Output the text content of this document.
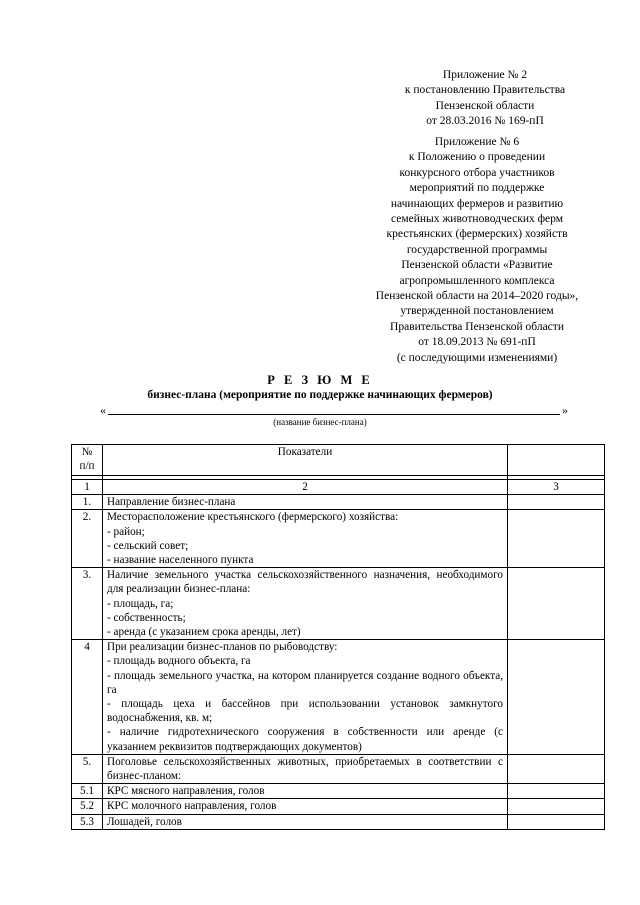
Приложение № 2
к постановлению Правительства
Пензенской области
от 28.03.2016 № 169-пП
Приложение № 6
к Положению о проведении
конкурсного отбора участников
мероприятий по поддержке
начинающих фермеров и развитию
семейных животноводческих ферм
крестьянских (фермерских) хозяйств
государственной программы
Пензенской области «Развитие
агропромышленного комплекса
Пензенской области на 2014–2020 годы»,
утвержденной постановлением
Правительства Пензенской области
от 18.09.2013 № 691-пП
(с последующими изменениями)
Р Е З Ю М Е
бизнес-плана (мероприятие по поддержке начинающих фермеров)
«	»
(название бизнес-плана)
№
п/п	Показатели	

1	2	3
1.	Направление бизнес-плана	

2.	Месторасположение крестьянского (фермерского) хозяйства:
- район;
- сельский совет;
- название населенного пункта	

3.	Наличие земельного участка сельскохозяйственного назначения, необходимого для реализации бизнес-плана:
- площадь, га;
- собственность;
- аренда (с указанием срока аренды, лет)	

4	При реализации бизнес-планов по рыбоводству:
- площадь водного объекта, га
- площадь земельного участка, на котором планируется создание водного объекта, га
- площадь цеха и бассейнов при использовании установок замкнутого водоснабжения, кв. м;
- наличие гидротехнического сооружения в собственности или аренде (с указанием реквизитов подтверждающих документов)	

5.	Поголовье сельскохозяйственных животных, приобретаемых в соответствии с бизнес-планом:	

5.1	КРС мясного направления, голов	

5.2	КРС молочного направления, голов	

5.3	Лошадей, голов	
